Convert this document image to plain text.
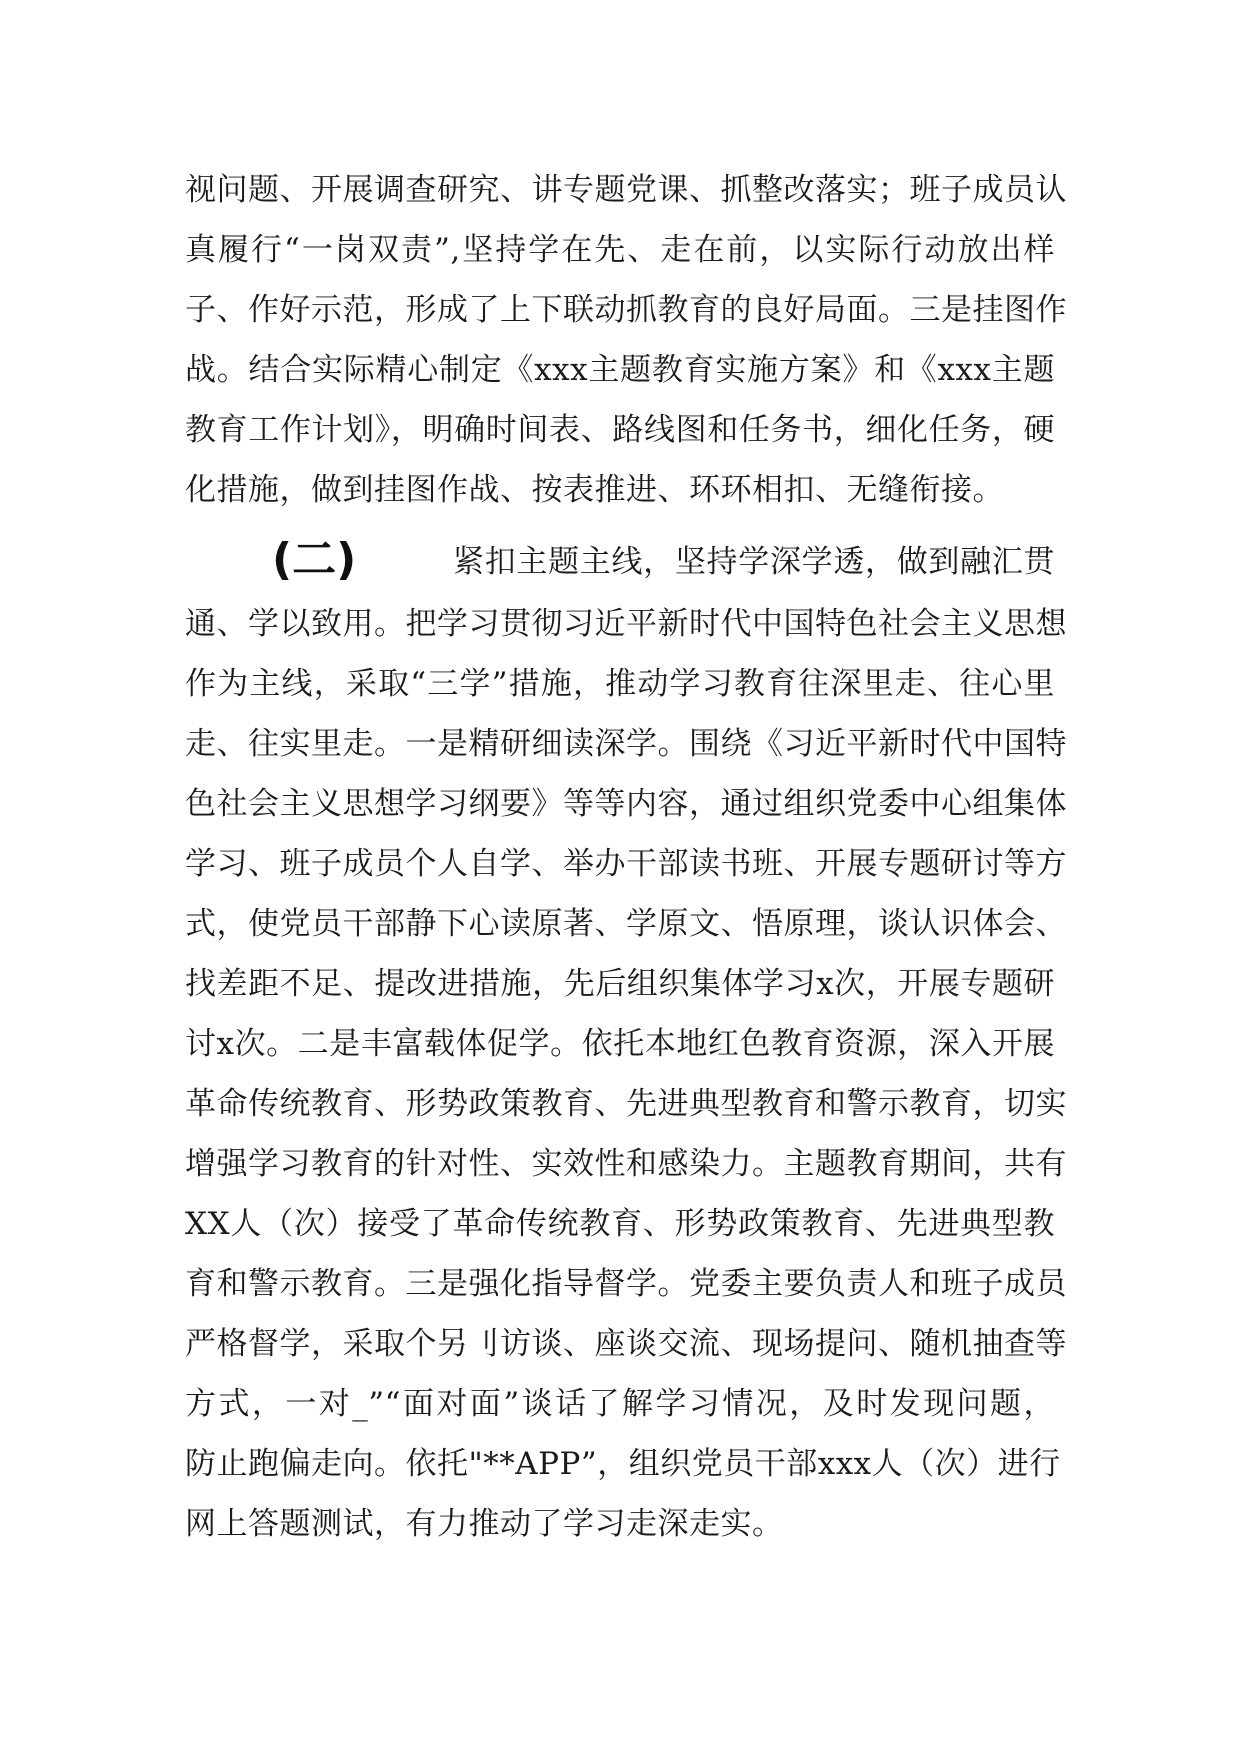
视问题、开展调查研究、讲专题党课、抓整改落实；班子成员认
真履行“一岗双责”,坚持学在先、走在前，以实际行动放出样
子、作好示范，形成了上下联动抓教育的良好局面。三是挂图作
战。结合实际精心制定《xxx主题教育实施方案》和《xxx主题
教育工作计划》，明确时间表、路线图和任务书，细化任务，硬
化措施，做到挂图作战、按表推进、环环相扣、无缝衔接。
(二)	紧扣主题主线，坚持学深学透，做到融汇贯
通、学以致用。把学习贯彻习近平新时代中国特色社会主义思想
作为主线，采取“三学”措施，推动学习教育往深里走、往心里
走、往实里走。一是精研细读深学。围绕《习近平新时代中国特
色社会主义思想学习纲要》等等内容，通过组织党委中心组集体
学习、班子成员个人自学、举办干部读书班、开展专题研讨等方
式，使党员干部静下心读原著、学原文、悟原理，谈认识体会、
找差距不足、提改进措施，先后组织集体学习x次，开展专题研
讨x次。二是丰富载体促学。依托本地红色教育资源，深入开展
革命传统教育、形势政策教育、先进典型教育和警示教育，切实
增强学习教育的针对性、实效性和感染力。主题教育期间，共有
XX人（次）接受了革命传统教育、形势政策教育、先进典型教
育和警示教育。三是强化指导督学。党委主要负责人和班子成员
严格督学，采取个另刂访谈、座谈交流、现场提问、随机抽查等
方式，一对_”“面对面”谈话了解学习情况，及时发现问题，
防止跑偏走向。依托"**APP”，组织党员干部xxx人（次）进行
网上答题测试，有力推动了学习走深走实。
